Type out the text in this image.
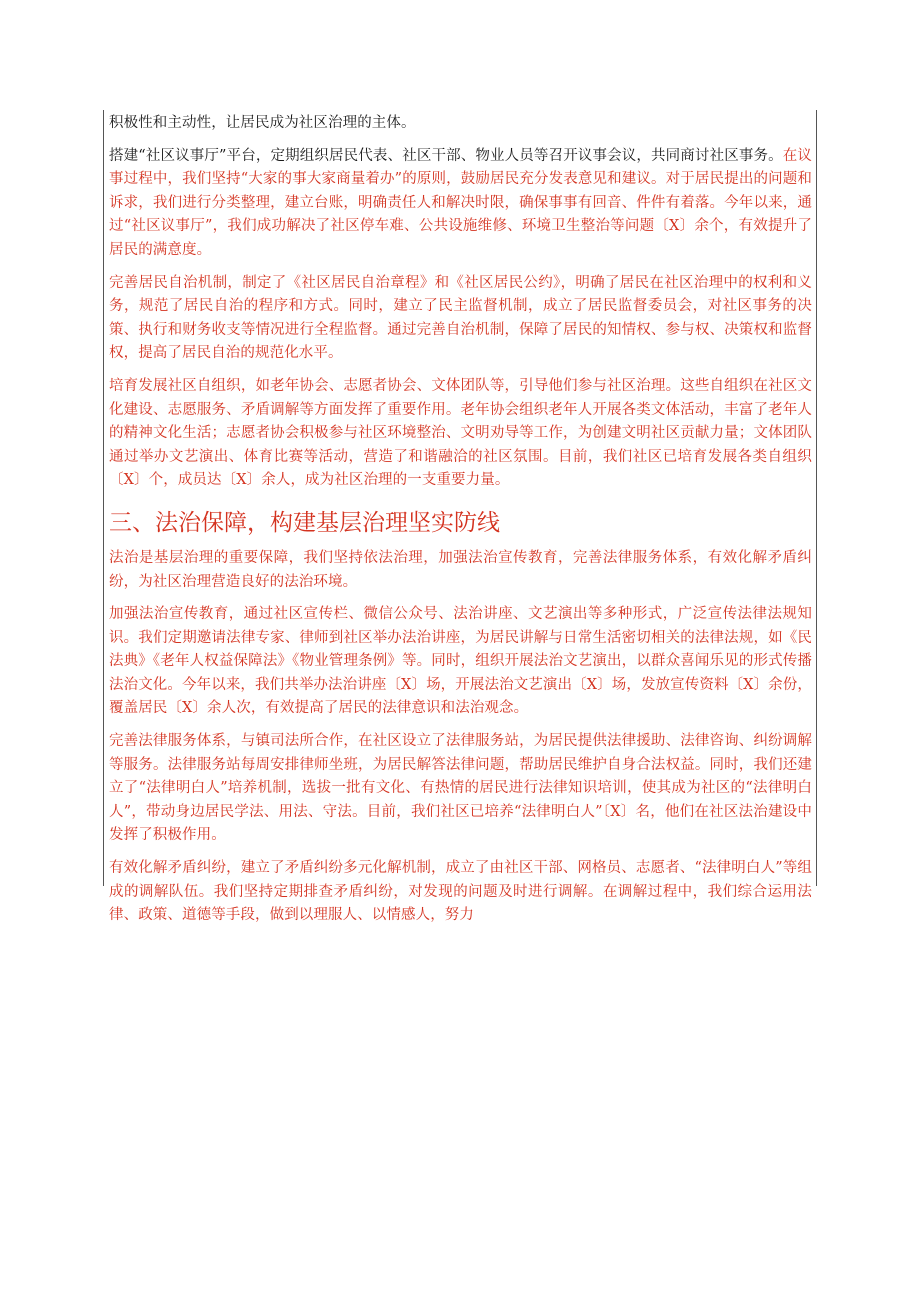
积极性和主动性，让居民成为社区治理的主体。

搭建“社区议事厅”平台，定期组织居民代表、社区干部、物业人员等召开议事会议，共同商讨社区事务。在议事过程中，我们坚持“大家的事大家商量着办”的原则，鼓励居民充分发表意见和建议。对于居民提出的问题和诉求，我们进行分类整理，建立台账，明确责任人和解决时限，确保事事有回音、件件有着落。今年以来，通过“社区议事厅”，我们成功解决了社区停车难、公共设施维修、环境卫生整治等问题〔X〕余个，有效提升了居民的满意度。

完善居民自治机制，制定了《社区居民自治章程》和《社区居民公约》，明确了居民在社区治理中的权利和义务，规范了居民自治的程序和方式。同时，建立了民主监督机制，成立了居民监督委员会，对社区事务的决策、执行和财务收支等情况进行全程监督。通过完善自治机制，保障了居民的知情权、参与权、决策权和监督权，提高了居民自治的规范化水平。

培育发展社区自组织，如老年协会、志愿者协会、文体团队等，引导他们参与社区治理。这些自组织在社区文化建设、志愿服务、矛盾调解等方面发挥了重要作用。老年协会组织老年人开展各类文体活动，丰富了老年人的精神文化生活；志愿者协会积极参与社区环境整治、文明劝导等工作，为创建文明社区贡献力量；文体团队通过举办文艺演出、体育比赛等活动，营造了和谐融洽的社区氛围。目前，我们社区已培育发展各类自组织〔X〕个，成员达〔X〕余人，成为社区治理的一支重要力量。

三、法治保障，构建基层治理坚实防线

法治是基层治理的重要保障，我们坚持依法治理，加强法治宣传教育，完善法律服务体系，有效化解矛盾纠纷，为社区治理营造良好的法治环境。

加强法治宣传教育，通过社区宣传栏、微信公众号、法治讲座、文艺演出等多种形式，广泛宣传法律法规知识。我们定期邀请法律专家、律师到社区举办法治讲座，为居民讲解与日常生活密切相关的法律法规，如《民法典》《老年人权益保障法》《物业管理条例》等。同时，组织开展法治文艺演出，以群众喜闻乐见的形式传播法治文化。今年以来，我们共举办法治讲座〔X〕场，开展法治文艺演出〔X〕场，发放宣传资料〔X〕余份，覆盖居民〔X〕余人次，有效提高了居民的法律意识和法治观念。

完善法律服务体系，与镇司法所合作，在社区设立了法律服务站，为居民提供法律援助、法律咨询、纠纷调解等服务。法律服务站每周安排律师坐班，为居民解答法律问题，帮助居民维护自身合法权益。同时，我们还建立了“法律明白人”培养机制，选拔一批有文化、有热情的居民进行法律知识培训，使其成为社区的“法律明白人”，带动身边居民学法、用法、守法。目前，我们社区已培养“法律明白人”〔X〕名，他们在社区法治建设中发挥了积极作用。

有效化解矛盾纠纷，建立了矛盾纠纷多元化解机制，成立了由社区干部、网格员、志愿者、“法律明白人”等组成的调解队伍。我们坚持定期排查矛盾纠纷，对发现的问题及时进行调解。在调解过程中，我们综合运用法律、政策、道德等手段，做到以理服人、以情感人，努力
